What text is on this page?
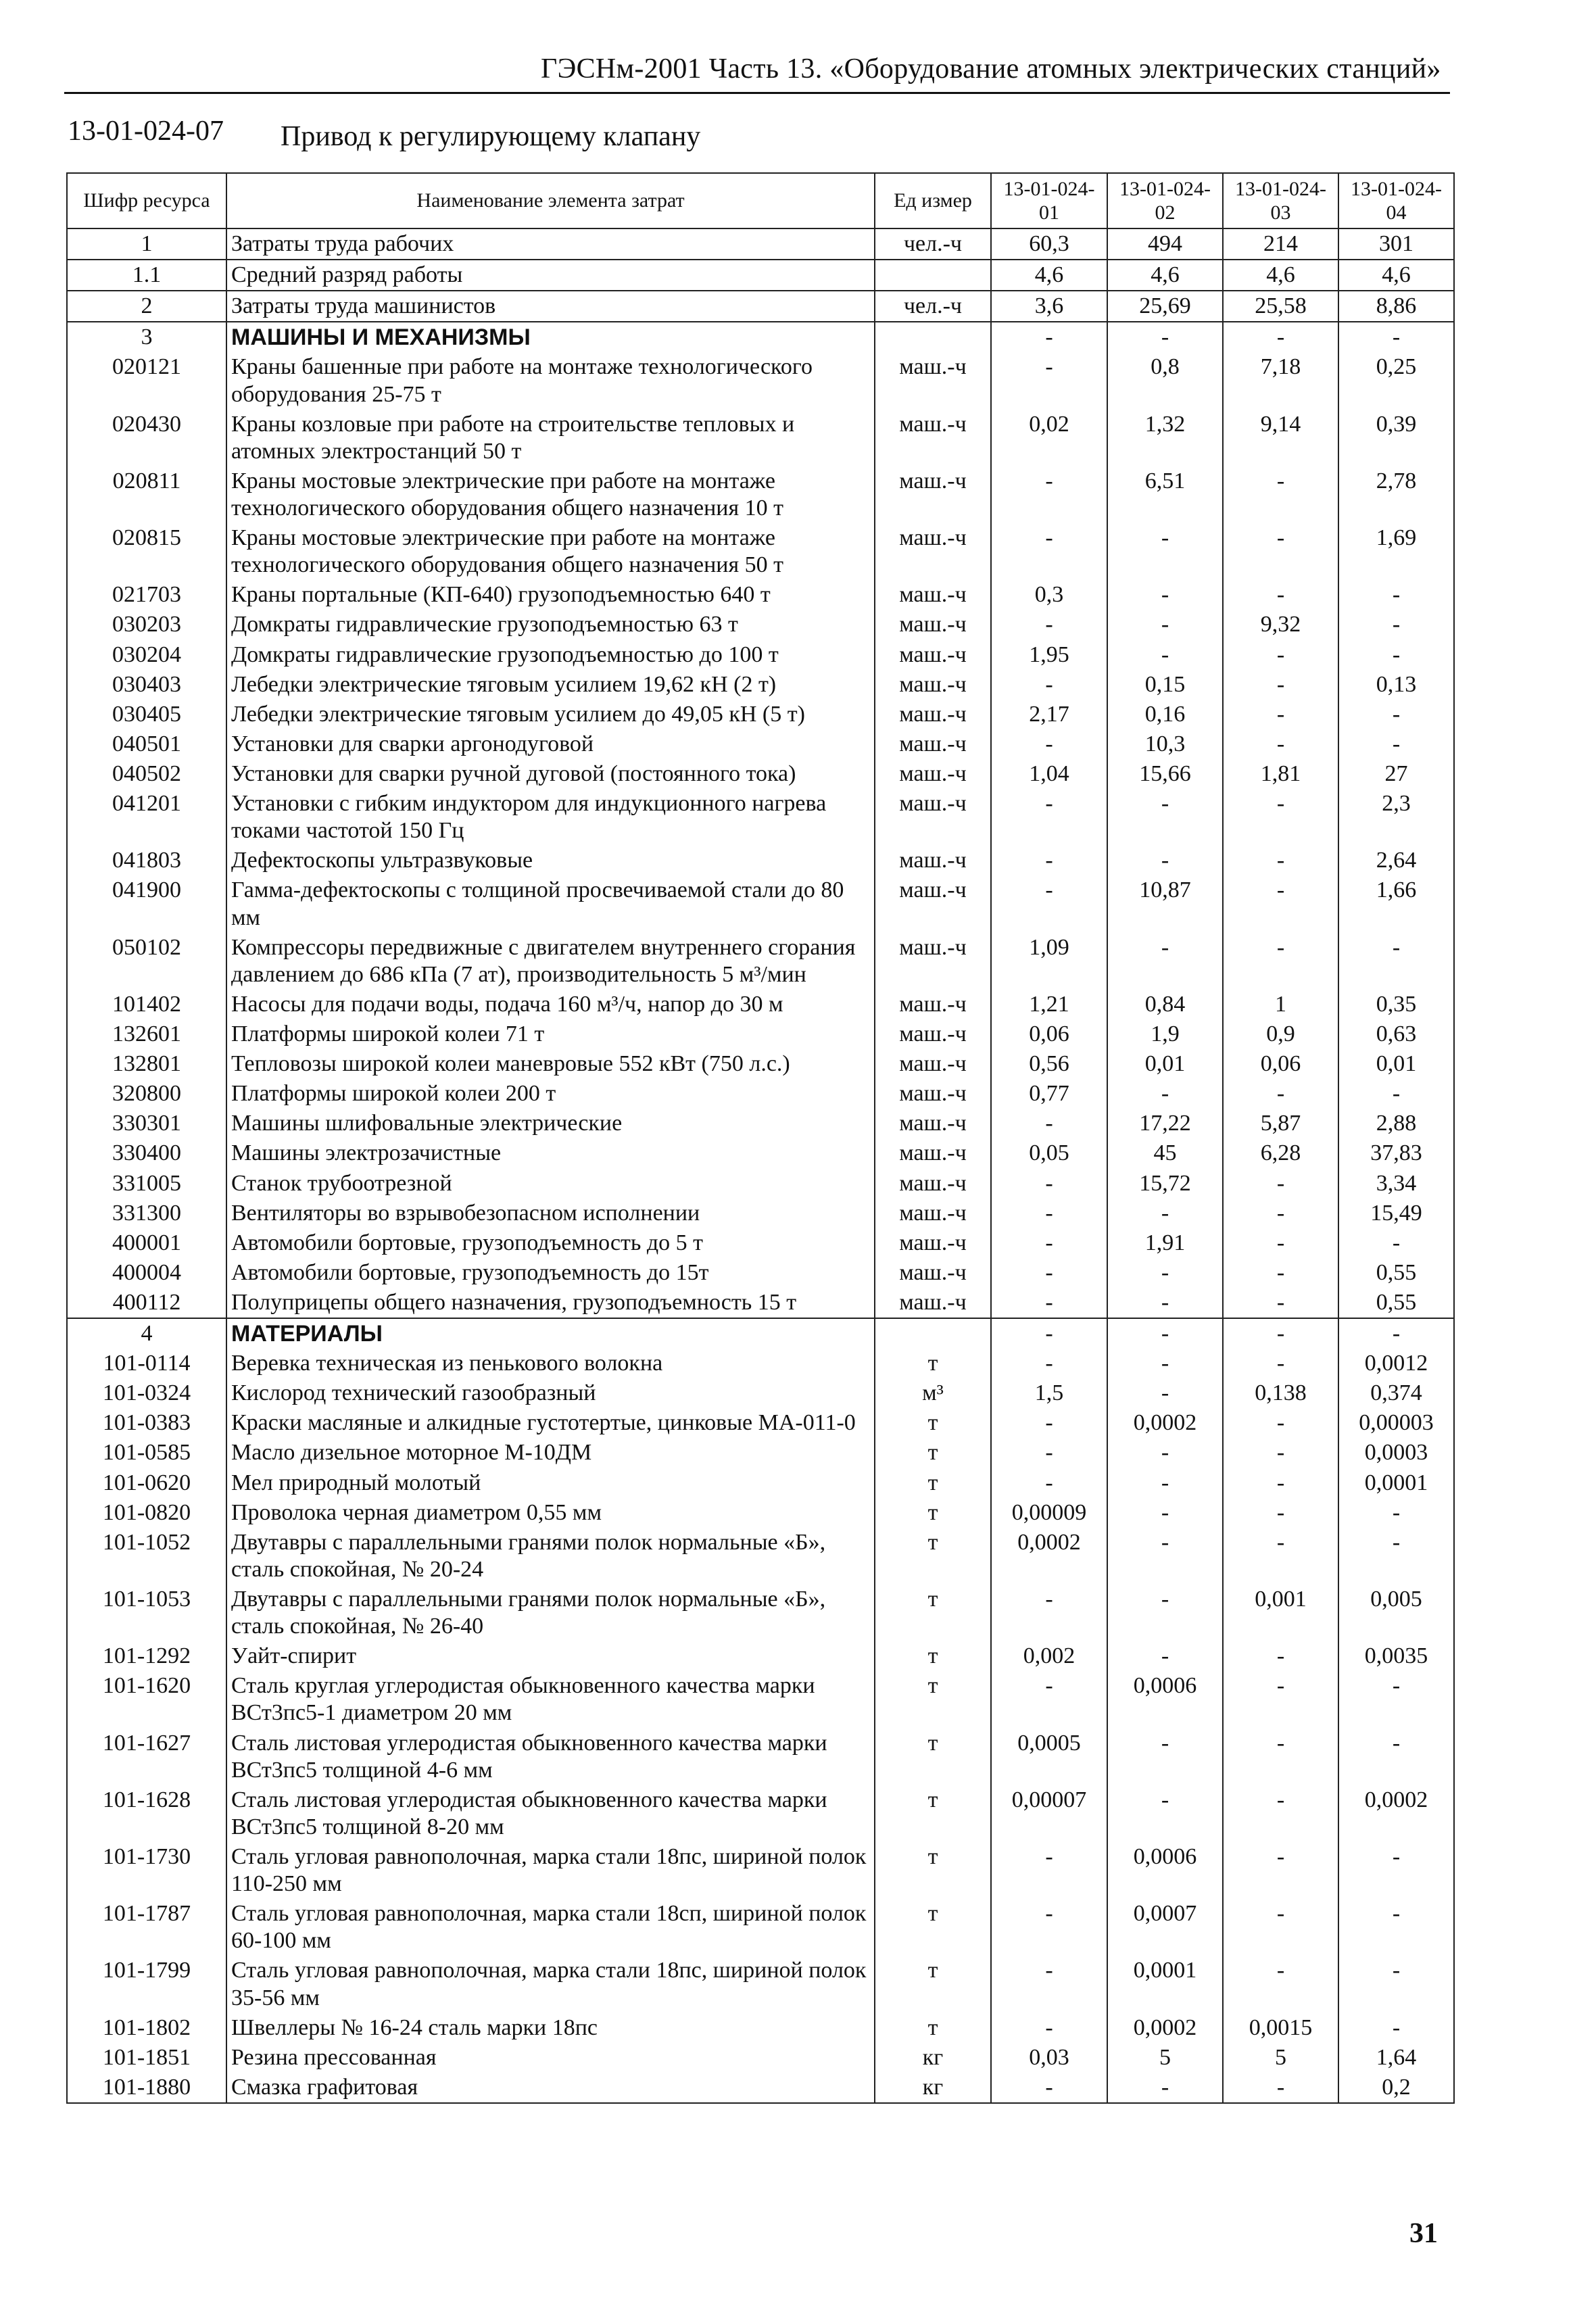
ГЭСНм-2001 Часть 13. «Оборудование атомных электрических станций»
13-01-024-07 Привод к регулирующему клапану
Шифр ресурса	Наименование элемента затрат	Ед измер	13-01-024-01	13-01-024-02	13-01-024-03	13-01-024-04
1	Затраты труда рабочих	чел.-ч	60,3	494	214	301
1.1	Средний разряд работы		4,6	4,6	4,6	4,6
2	Затраты труда машинистов	чел.-ч	3,6	25,69	25,58	8,86
3	МАШИНЫ И МЕХАНИЗМЫ		-	-	-	-
020121	Краны башенные при работе на монтаже технологического оборудования 25-75 т	маш.-ч	-	0,8	7,18	0,25
020430	Краны козловые при работе на строительстве тепловых и атомных электростанций 50 т	маш.-ч	0,02	1,32	9,14	0,39
020811	Краны мостовые электрические при работе на монтаже технологического оборудования общего назначения 10 т	маш.-ч	-	6,51	-	2,78
020815	Краны мостовые электрические при работе на монтаже технологического оборудования общего назначения 50 т	маш.-ч	-	-	-	1,69
021703	Краны портальные (КП-640) грузоподъемностью 640 т	маш.-ч	0,3	-	-	-
030203	Домкраты гидравлические грузоподъемностью 63 т	маш.-ч	-	-	9,32	-
030204	Домкраты гидравлические грузоподъемностью до 100 т	маш.-ч	1,95	-	-	-
030403	Лебедки электрические тяговым усилием 19,62 кН (2 т)	маш.-ч	-	0,15	-	0,13
030405	Лебедки электрические тяговым усилием до 49,05 кН (5 т)	маш.-ч	2,17	0,16	-	-
040501	Установки для сварки аргонодуговой	маш.-ч	-	10,3	-	-
040502	Установки для сварки ручной дуговой (постоянного тока)	маш.-ч	1,04	15,66	1,81	27
041201	Установки с гибким индуктором для индукционного нагрева токами частотой 150 Гц	маш.-ч	-	-	-	2,3
041803	Дефектоскопы ультразвуковые	маш.-ч	-	-	-	2,64
041900	Гамма-дефектоскопы с толщиной просвечиваемой стали до 80 мм	маш.-ч	-	10,87	-	1,66
050102	Компрессоры передвижные с двигателем внутреннего сгорания давлением до 686 кПа (7 ат), производительность 5 м³/мин	маш.-ч	1,09	-	-	-
101402	Насосы для подачи воды, подача 160 м³/ч, напор до 30 м	маш.-ч	1,21	0,84	1	0,35
132601	Платформы широкой колеи 71 т	маш.-ч	0,06	1,9	0,9	0,63
132801	Тепловозы широкой колеи маневровые 552 кВт (750 л.с.)	маш.-ч	0,56	0,01	0,06	0,01
320800	Платформы широкой колеи 200 т	маш.-ч	0,77	-	-	-
330301	Машины шлифовальные электрические	маш.-ч	-	17,22	5,87	2,88
330400	Машины электрозачистные	маш.-ч	0,05	45	6,28	37,83
331005	Станок трубоотрезной	маш.-ч	-	15,72	-	3,34
331300	Вентиляторы во взрывобезопасном исполнении	маш.-ч	-	-	-	15,49
400001	Автомобили бортовые, грузоподъемность до 5 т	маш.-ч	-	1,91	-	-
400004	Автомобили бортовые, грузоподъемность до 15т	маш.-ч	-	-	-	0,55
400112	Полуприцепы общего назначения, грузоподъемность 15 т	маш.-ч	-	-	-	0,55
4	МАТЕРИАЛЫ		-	-	-	-
101-0114	Веревка техническая из пенькового волокна	т	-	-	-	0,0012
101-0324	Кислород технический газообразный	м³	1,5	-	0,138	0,374
101-0383	Краски масляные и алкидные густотертые, цинковые МА-011-0	т	-	0,0002	-	0,00003
101-0585	Масло дизельное моторное М-10ДМ	т	-	-	-	0,0003
101-0620	Мел природный молотый	т	-	-	-	0,0001
101-0820	Проволока черная диаметром 0,55 мм	т	0,00009	-	-	-
101-1052	Двутавры с параллельными гранями полок нормальные «Б», сталь спокойная, № 20-24	т	0,0002	-	-	-
101-1053	Двутавры с параллельными гранями полок нормальные «Б», сталь спокойная, № 26-40	т	-	-	0,001	0,005
101-1292	Уайт-спирит	т	0,002	-	-	0,0035
101-1620	Сталь круглая углеродистая обыкновенного качества марки ВСт3пс5-1 диаметром 20 мм	т	-	0,0006	-	-
101-1627	Сталь листовая углеродистая обыкновенного качества марки ВСт3пс5 толщиной 4-6 мм	т	0,0005	-	-	-
101-1628	Сталь листовая углеродистая обыкновенного качества марки ВСт3пс5 толщиной 8-20 мм	т	0,00007	-	-	0,0002
101-1730	Сталь угловая равнополочная, марка стали 18пс, шириной полок 110-250 мм	т	-	0,0006	-	-
101-1787	Сталь угловая равнополочная, марка стали 18сп, шириной полок 60-100 мм	т	-	0,0007	-	-
101-1799	Сталь угловая равнополочная, марка стали 18пс, шириной полок 35-56 мм	т	-	0,0001	-	-
101-1802	Швеллеры № 16-24 сталь марки 18пс	т	-	0,0002	0,0015	-
101-1851	Резина прессованная	кг	0,03	5	5	1,64
101-1880	Смазка графитовая	кг	-	-	-	0,2
31
